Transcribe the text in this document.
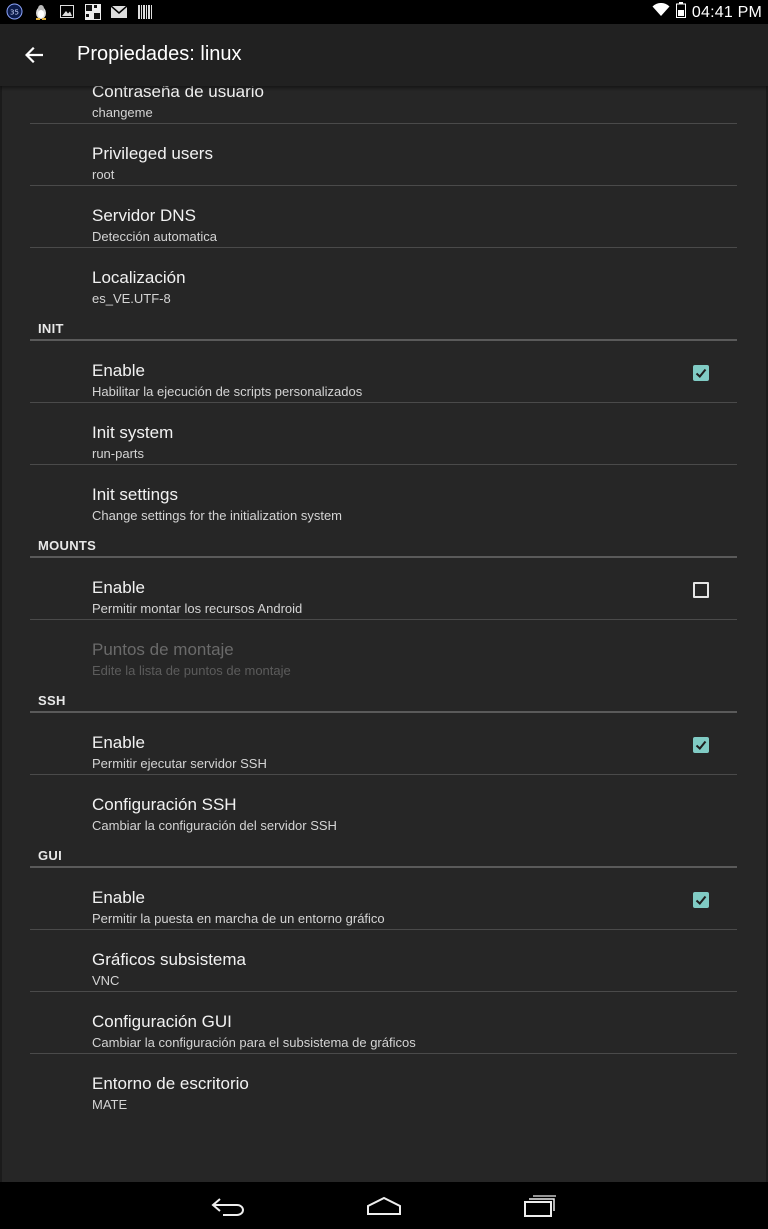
35	04:41 PM
Propiedades: linux
Contraseña de usuario
changeme
Privileged users
root
Servidor DNS
Detección automatica
Localización
es_VE.UTF-8
INIT
Enable
Habilitar la ejecución de scripts personalizados
Init system
run-parts
Init settings
Change settings for the initialization system
MOUNTS
Enable
Permitir montar los recursos Android
Puntos de montaje
Edite la lista de puntos de montaje
SSH
Enable
Permitir ejecutar servidor SSH
Configuración SSH
Cambiar la configuración del servidor SSH
GUI
Enable
Permitir la puesta en marcha de un entorno gráfico
Gráficos subsistema
VNC
Configuración GUI
Cambiar la configuración para el subsistema de gráficos
Entorno de escritorio
MATE
